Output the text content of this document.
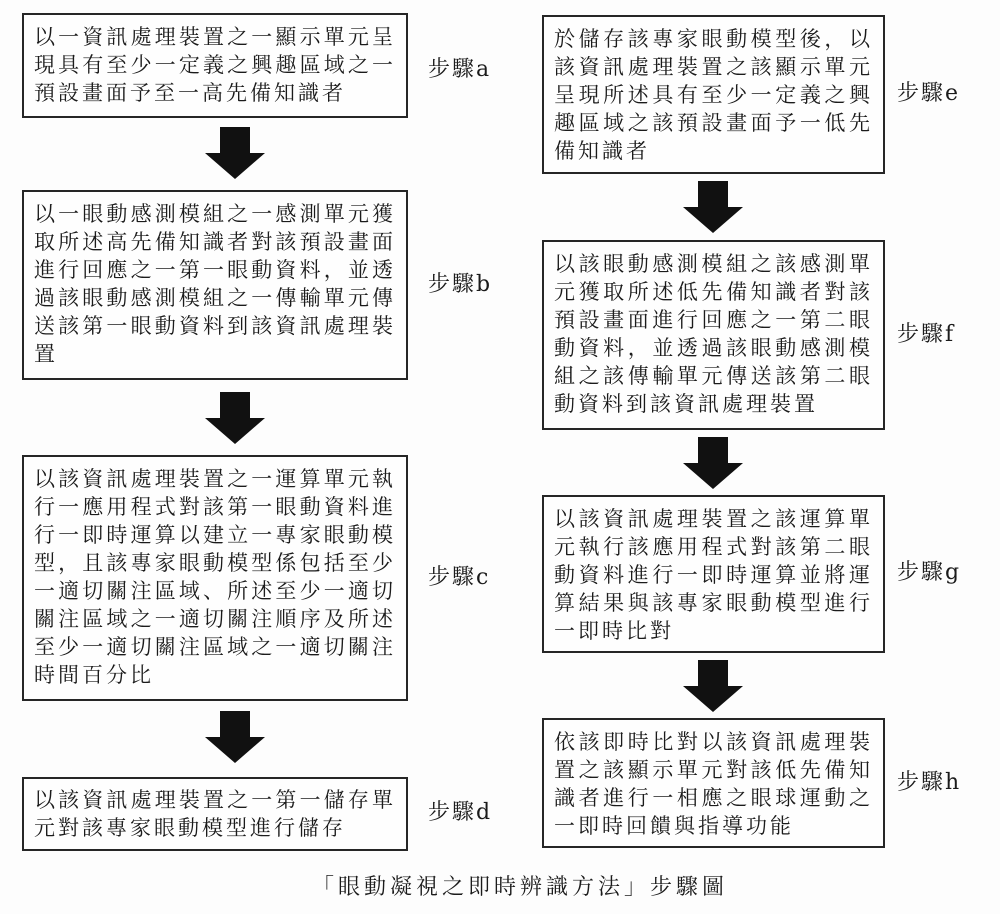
以一資訊處理裝置之一顯示單元呈現具有至少一定義之興趣區域之一預設畫面予至一高先備知識者
步驟a
以一眼動感測模組之一感測單元獲取所述高先備知識者對該預設畫面進行回應之一第一眼動資料，並透過該眼動感測模組之一傳輸單元傳送該第一眼動資料到該資訊處理裝置
步驟b
以該資訊處理裝置之一運算單元執行一應用程式對該第一眼動資料進行一即時運算以建立一專家眼動模型，且該專家眼動模型係包括至少一適切關注區域、所述至少一適切關注區域之一適切關注順序及所述至少一適切關注區域之一適切關注時間百分比
步驟c
以該資訊處理裝置之一第一儲存單元對該專家眼動模型進行儲存
步驟d
於儲存該專家眼動模型後，以該資訊處理裝置之該顯示單元呈現所述具有至少一定義之興趣區域之該預設畫面予一低先備知識者
步驟e
以該眼動感測模組之該感測單元獲取所述低先備知識者對該預設畫面進行回應之一第二眼動資料，並透過該眼動感測模組之該傳輸單元傳送該第二眼動資料到該資訊處理裝置
步驟f
以該資訊處理裝置之該運算單元執行該應用程式對該第二眼動資料進行一即時運算並將運算結果與該專家眼動模型進行一即時比對
步驟g
依該即時比對以該資訊處理裝置之該顯示單元對該低先備知識者進行一相應之眼球運動之一即時回饋與指導功能
步驟h
「眼動凝視之即時辨識方法」步驟圖
